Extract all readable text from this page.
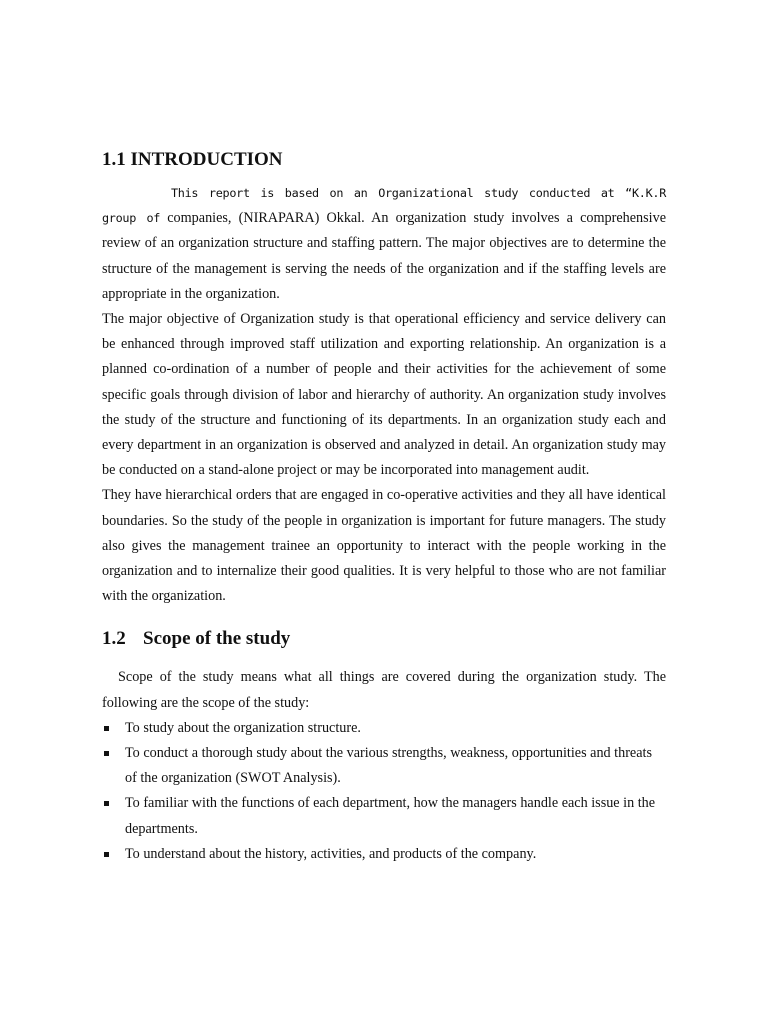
1.1 INTRODUCTION

This report is based on an Organizational study conducted at “K.K.R group of companies, (NIRAPARA) Okkal. An organization study involves a comprehensive review of an organization structure and staffing pattern. The major objectives are to determine the structure of the management is serving the needs of the organization and if the staffing levels are appropriate in the organization.

The major objective of Organization study is that operational efficiency and service delivery can be enhanced through improved staff utilization and exporting relationship. An organization is a planned co-ordination of a number of people and their activities for the achievement of some specific goals through division of labor and hierarchy of authority. An organization study involves the study of the structure and functioning of its departments. In an organization study each and every department in an organization is observed and analyzed in detail. An organization study may be conducted on a stand-alone project or may be incorporated into management audit.

They have hierarchical orders that are engaged in co-operative activities and they all have identical boundaries. So the study of the people in organization is important for future managers. The study also gives the management trainee an opportunity to interact with the people working in the organization and to internalize their good qualities. It is very helpful to those who are not familiar with the organization.

1.2 Scope of the study

Scope of the study means what all things are covered during the organization study. The following are the scope of the study:

To study about the organization structure.
To conduct a thorough study about the various strengths, weakness, opportunities and threats of the organization (SWOT Analysis).
To familiar with the functions of each department, how the managers handle each issue in the departments.
To understand about the history, activities, and products of the company.
